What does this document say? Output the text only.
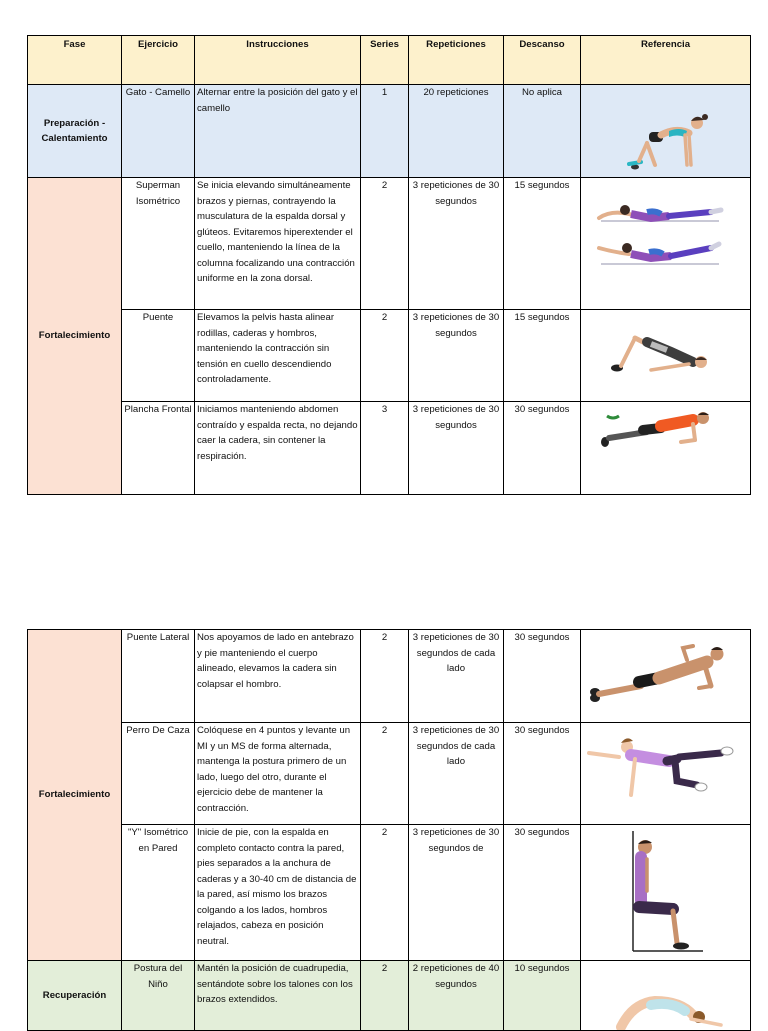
Fase	Ejercicio	Instrucciones	Series	Repeticiones	Descanso	Referencia
Preparación - Calentamiento	Gato - Camello	Alternar entre la posición del gato y el camello	1	20 repeticiones	No aplica	

Fortalecimiento	Superman Isométrico	Se inicia elevando simultáneamente brazos y piernas, contrayendo la musculatura de la espalda dorsal y glúteos. Evitaremos hiperextender el cuello, manteniendo la línea de la columna focalizando una contracción uniforme en la zona dorsal.	2	3 repeticiones de 30 segundos	15 segundos	

	Puente	Elevamos la pelvis hasta alinear rodillas, caderas y hombros, manteniendo la contracción sin tensión en cuello descendiendo controladamente.	2	3 repeticiones de 30 segundos	15 segundos	

	Plancha Frontal	Iniciamos manteniendo abdomen contraído y espalda recta, no dejando caer la cadera, sin contener la respiración.	3	3 repeticiones de 30 segundos	30 segundos	
Fortalecimiento	Puente Lateral	Nos apoyamos de lado en antebrazo y pie manteniendo el cuerpo alineado, elevamos la cadera sin colapsar el hombro.	2	3 repeticiones de 30 segundos de cada lado	30 segundos	

	Perro De Caza	Colóquese en 4 puntos y levante un MI y un MS de forma alternada, mantenga la postura primero de un lado, luego del otro, durante el ejercicio debe de mantener la contracción.	2	3 repeticiones de 30 segundos de cada lado	30 segundos	

	"Y" Isométrico en Pared	Inicie de pie, con la espalda en completo contacto contra la pared, pies separados a la anchura de caderas y a 30-40 cm de distancia de la pared, así mismo los brazos colgando a los lados, hombros relajados, cabeza en posición neutral.	2	3 repeticiones de 30 segundos de	30 segundos	

Recuperación	Postura del Niño	Mantén la posición de cuadrupedia, sentándote sobre los talones con los brazos extendidos.	2	2 repeticiones de 40 segundos	10 segundos	
